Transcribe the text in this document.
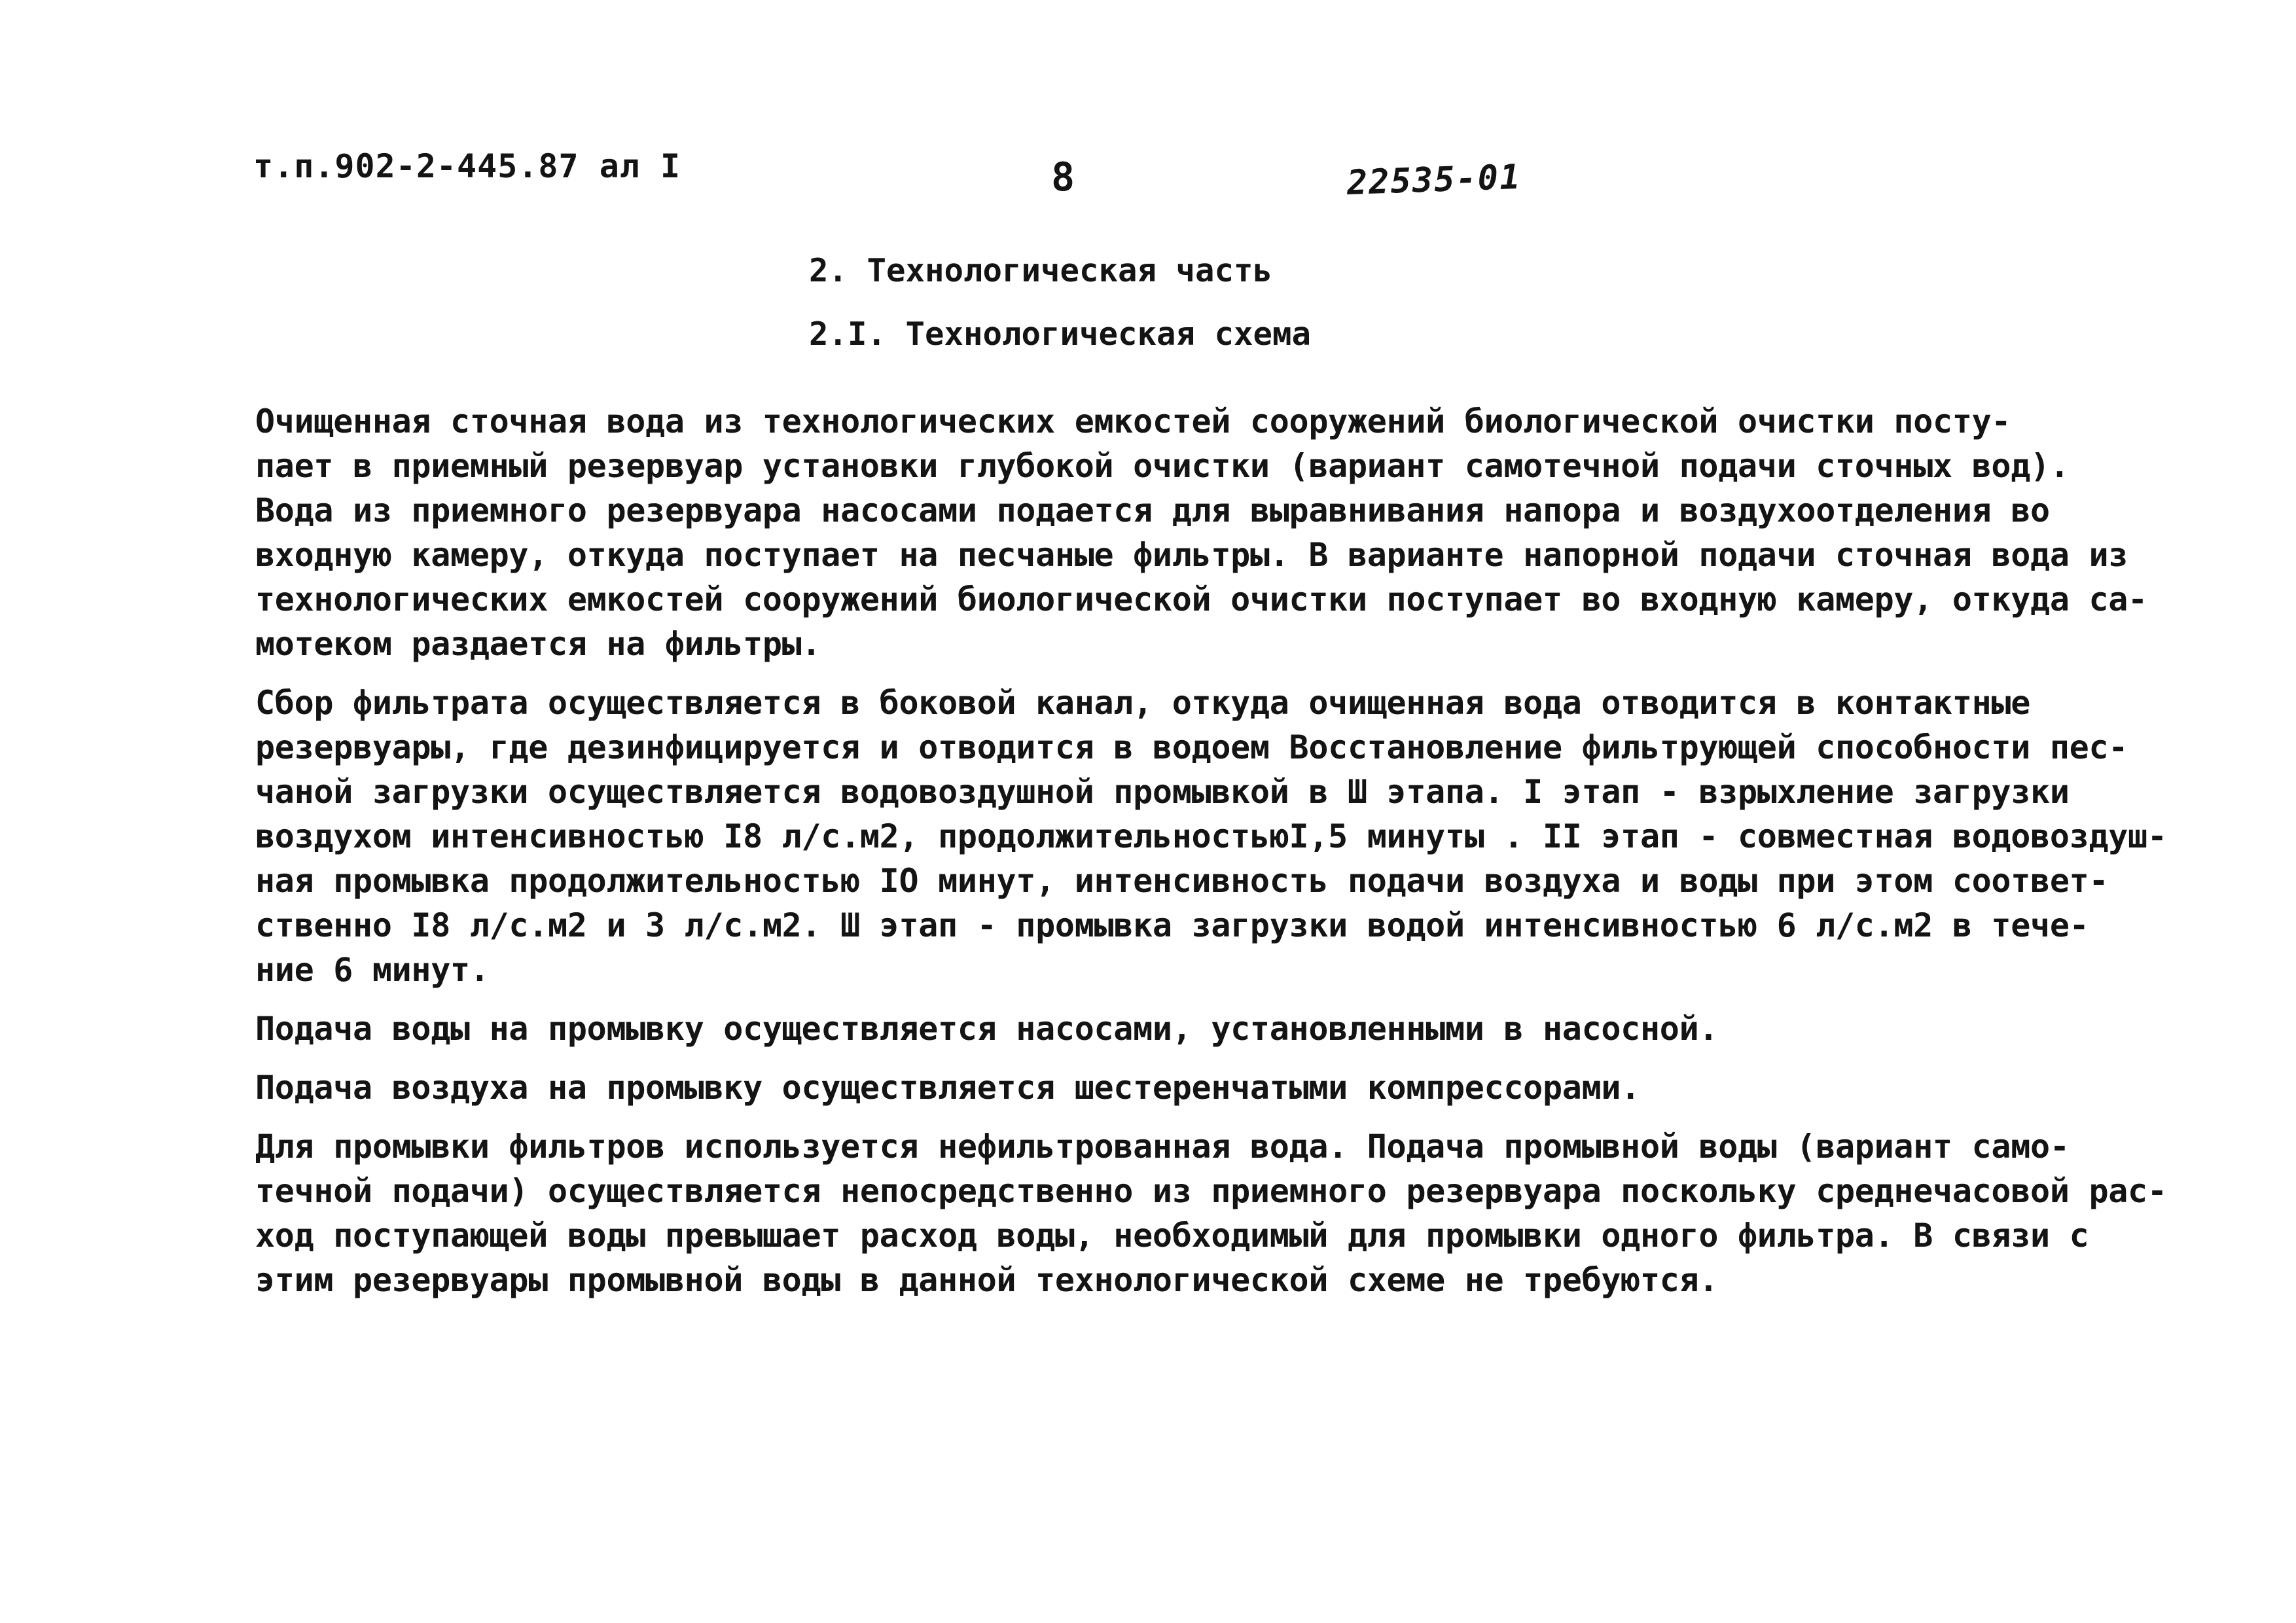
т.п.902-2-445.87 ал I	8	22535-01
2. Технологическая часть
2.I. Технологическая схема
Очищенная сточная вода из технологических емкостей сооружений биологической очистки посту-
пает в приемный резервуар установки глубокой очистки (вариант самотечной подачи сточных вод).
Вода из приемного резервуара насосами подается для выравнивания напора и воздухоотделения во
входную камеру, откуда поступает на песчаные фильтры. В варианте напорной подачи сточная вода из
технологических емкостей сооружений биологической очистки поступает во входную камеру, откуда са-
мотеком раздается на фильтры.
Сбор фильтрата осуществляется в боковой канал, откуда очищенная вода отводится в контактные
резервуары, где дезинфицируется и отводится в водоем Восстановление фильтрующей способности пес-
чаной загрузки осуществляется водовоздушной промывкой в Ш этапа. I этап - взрыхление загрузки
воздухом интенсивностью I8 л/с.м2, продолжительностьюI,5 минуты . II этап - совместная водовоздуш-
ная промывка продолжительностью IO минут, интенсивность подачи воздуха и воды при этом соответ-
ственно I8 л/с.м2 и 3 л/с.м2. Ш этап - промывка загрузки водой интенсивностью 6 л/с.м2 в тече-
ние 6 минут.
Подача воды на промывку осуществляется насосами, установленными в насосной.
Подача воздуха на промывку осуществляется шестеренчатыми компрессорами.
Для промывки фильтров используется нефильтрованная вода. Подача промывной воды (вариант само-
течной подачи) осуществляется непосредственно из приемного резервуара поскольку среднечасовой рас-
ход поступающей воды превышает расход воды, необходимый для промывки одного фильтра. В связи с
этим резервуары промывной воды в данной технологической схеме не требуются.
